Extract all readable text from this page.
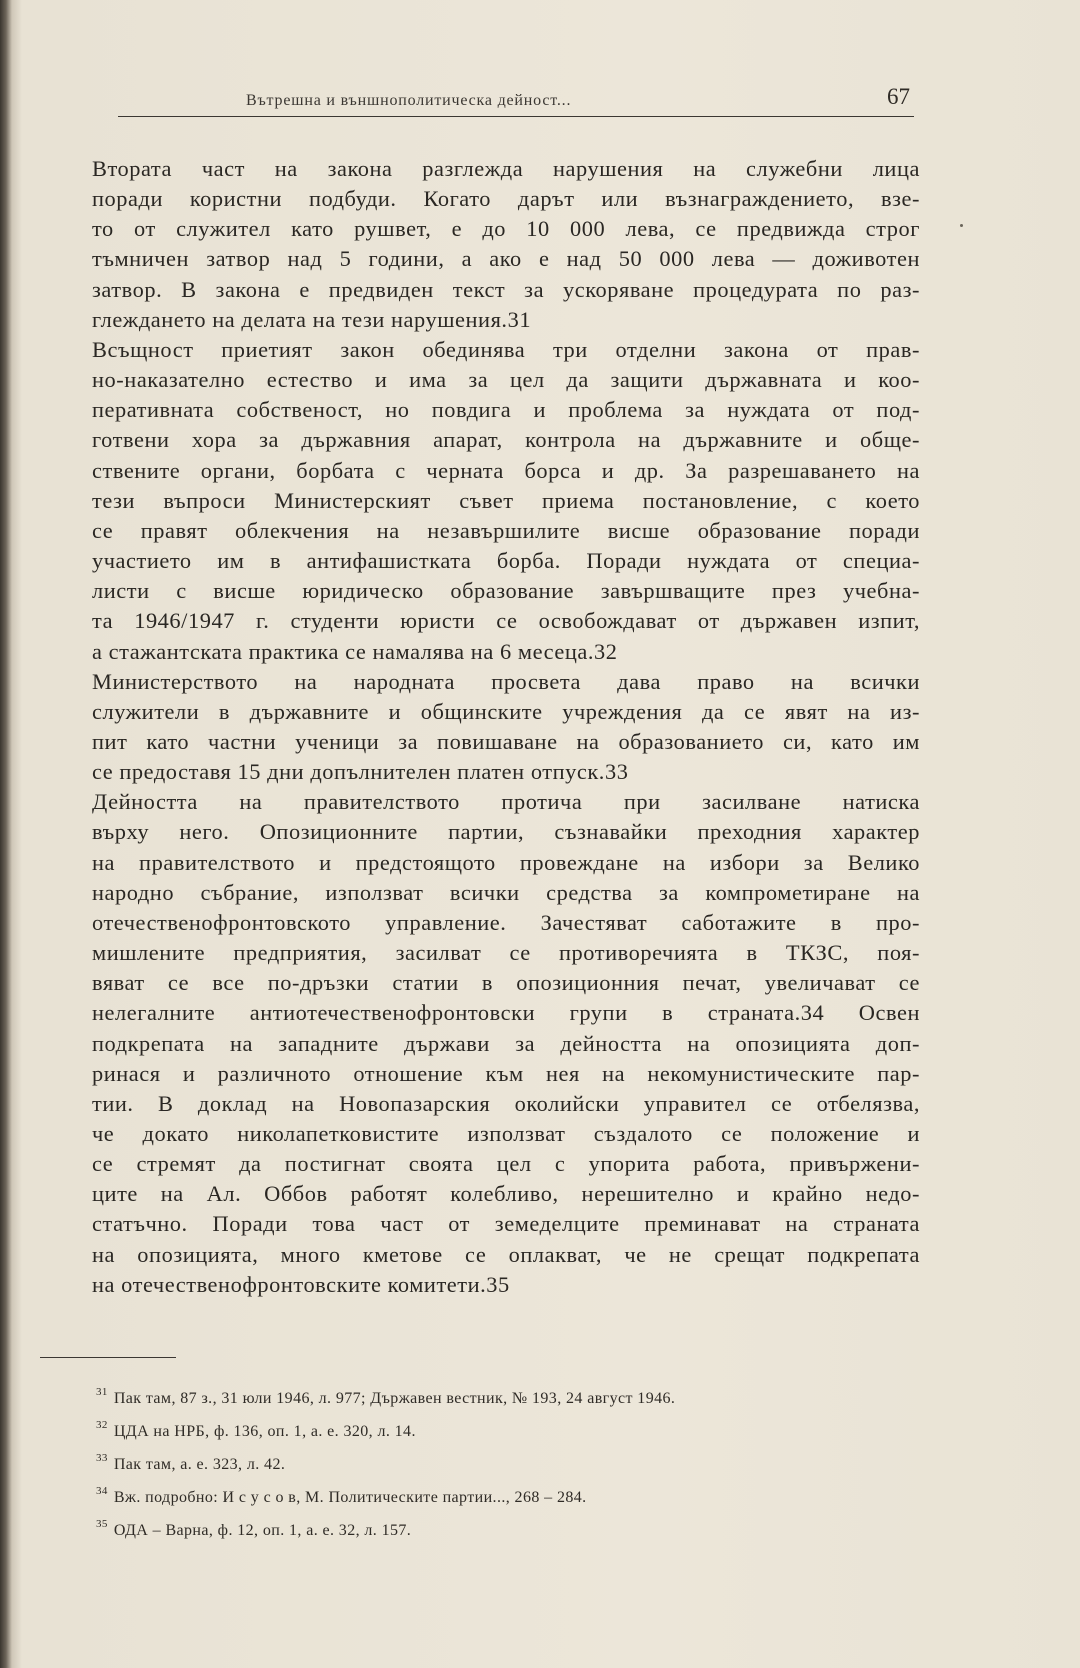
Вътрешна и външнополитическа дейност...	67
Втората част на закона разглежда нарушения на служебни лица
поради користни подбуди. Когато дарът или възнаграждението, взе-
то от служител като рушвет, е до 10 000 лева, се предвижда строг
тъмничен затвор над 5 години, а ако е над 50 000 лева — доживотен
затвор. В закона е предвиден текст за ускоряване процедурата по раз-
глеждането на делата на тези нарушения.31
Всъщност приетият закон обединява три отделни закона от прав-
но-наказателно естество и има за цел да защити държавната и коо-
перативната собственост, но повдига и проблема за нуждата от под-
готвени хора за държавния апарат, контрола на държавните и обще-
ствените органи, борбата с черната борса и др. За разрешаването на
тези въпроси Министерският съвет приема постановление, с което
се правят облекчения на незавършилите висше образование поради
участието им в антифашистката борба. Поради нуждата от специа-
листи с висше юридическо образование завършващите през учебна-
та 1946/1947 г. студенти юристи се освобождават от държавен изпит,
а стажантската практика се намалява на 6 месеца.32
Министерството на народната просвета дава право на всички
служители в държавните и общинските учреждения да се явят на из-
пит като частни ученици за повишаване на образованието си, като им
се предоставя 15 дни допълнителен платен отпуск.33
Дейността на правителството протича при засилване натиска
върху него. Опозиционните партии, съзнавайки преходния характер
на правителството и предстоящото провеждане на избори за Велико
народно събрание, използват всички средства за компрометиране на
отечественофронтовското управление. Зачестяват саботажите в про-
мишлените предприятия, засилват се противоречията в ТКЗС, поя-
вяват се все по-дръзки статии в опозиционния печат, увеличават се
нелегалните антиотечественофронтовски групи в страната.34 Освен
подкрепата на западните държави за дейността на опозицията доп-
ринася и различното отношение към нея на некомунистическите пар-
тии. В доклад на Новопазарския околийски управител се отбелязва,
че докато николапетковистите използват създалото се положение и
се стремят да постигнат своята цел с упорита работа, привържени-
ците на Ал. Оббов работят колебливо, нерешително и крайно недо-
статъчно. Поради това част от земеделците преминават на страната
на опозицията, много кметове се оплакват, че не срещат подкрепата
на отечественофронтовските комитети.35
$^{31}$ Пак там, 87 з., 31 юли 1946, л. 977; Държавен вестник, № 193, 24 август 1946.
$^{32}$ ЦДА на НРБ, ф. 136, оп. 1, а. е. 320, л. 14.
$^{33}$ Пак там, а. е. 323, л. 42.
$^{34}$ Вж. подробно: И с у с о в, М. Политическите партии..., 268 – 284.
$^{35}$ ОДА – Варна, ф. 12, оп. 1, а. е. 32, л. 157.
